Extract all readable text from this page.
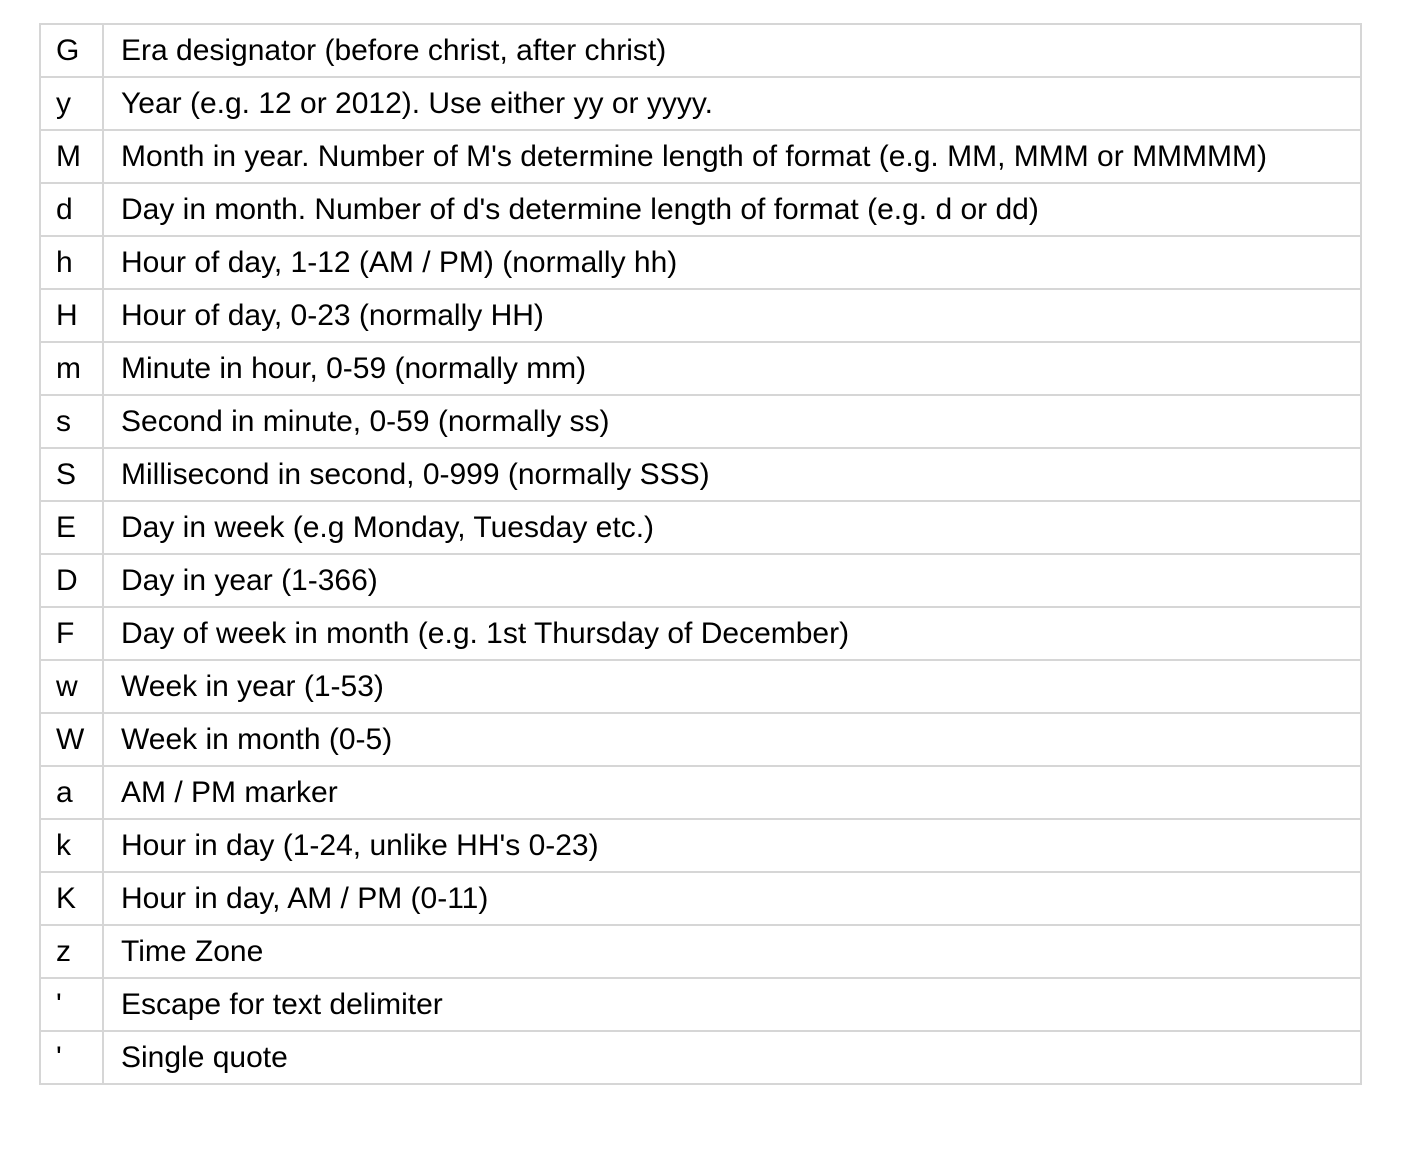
G	Era designator (before christ, after christ)
y	Year (e.g. 12 or 2012). Use either yy or yyyy.
M	Month in year. Number of M's determine length of format (e.g. MM, MMM or MMMMM)
d	Day in month. Number of d's determine length of format (e.g. d or dd)
h	Hour of day, 1-12 (AM / PM) (normally hh)
H	Hour of day, 0-23 (normally HH)
m	Minute in hour, 0-59 (normally mm)
s	Second in minute, 0-59 (normally ss)
S	Millisecond in second, 0-999 (normally SSS)
E	Day in week (e.g Monday, Tuesday etc.)
D	Day in year (1-366)
F	Day of week in month (e.g. 1st Thursday of December)
w	Week in year (1-53)
W	Week in month (0-5)
a	AM / PM marker
k	Hour in day (1-24, unlike HH's 0-23)
K	Hour in day, AM / PM (0-11)
z	Time Zone
'	Escape for text delimiter
'	Single quote
